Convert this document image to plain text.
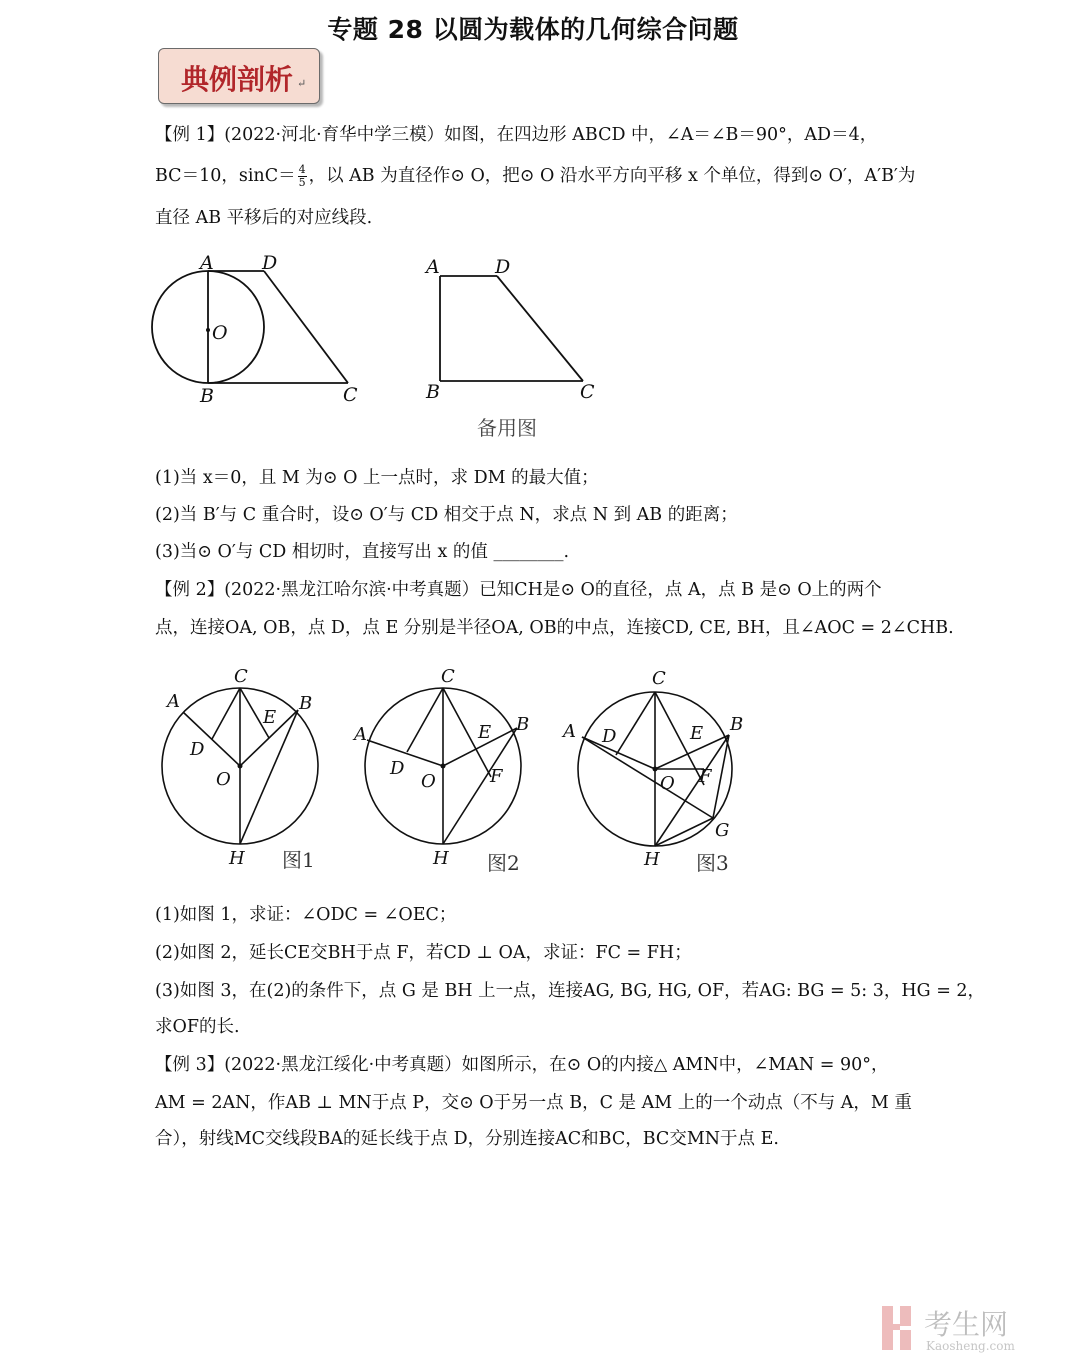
专题 28 以圆为载体的几何综合问题
典例剖析 ↵
【例 1】(2022·河北·育华中学三模）如图，在四边形 ABCD 中，∠A＝∠B＝90°，AD＝4，
BC＝10，$\sin C= \frac{4}{5}$ ，以 AB 为直径作⊙ O，把⊙ O 沿水平方向平移 x 个单位，得到⊙ O′，A′B′为
直径 AB 平移后的对应线段.
A	D
O
B	C
A	D
B	C
备用图
(1)当 x＝0，且 M 为⊙ O 上一点时，求 DM 的最大值；
(2)当 B′与 C 重合时，设⊙ O′与 CD 相交于点 N，求点 N 到 AB 的距离；
(3)当⊙ O′与 CD 相切时，直接写出 x 的值 ________.
【例 2】(2022·黑龙江哈尔滨·中考真题）已知CH是⊙ O的直径，点 A，点 B 是⊙ O上的两个
点，连接OA, OB，点 D，点 E 分别是半径OA, OB的中点，连接CD, CE, BH，且∠AOC = 2∠CHB.
C
A	B
D
E
O
H 图1
C
A	B
D
E
F
O
H 图2
C
A	B
D	E
F
O
G
H 图3
(1)如图 1，求证：∠ODC = ∠OEC；
(2)如图 2，延长CE交BH于点 F，若CD ⊥ OA，求证：FC = FH；
(3)如图 3，在(2)的条件下，点 G 是 BH 上一点，连接AG, BG, HG, OF，若AG: BG = 5: 3，HG = 2，
求OF的长.
【例 3】(2022·黑龙江绥化·中考真题）如图所示，在⊙ O的内接△ AMN中，∠MAN = 90°，
AM = 2AN，作AB ⊥ MN于点 P，交⊙ O于另一点 B，C 是 AM 上的一个动点（不与 A，M 重
合），射线MC交线段BA的延长线于点 D，分别连接AC和BC，BC交MN于点 E.
考生网
Kaosheng.com
